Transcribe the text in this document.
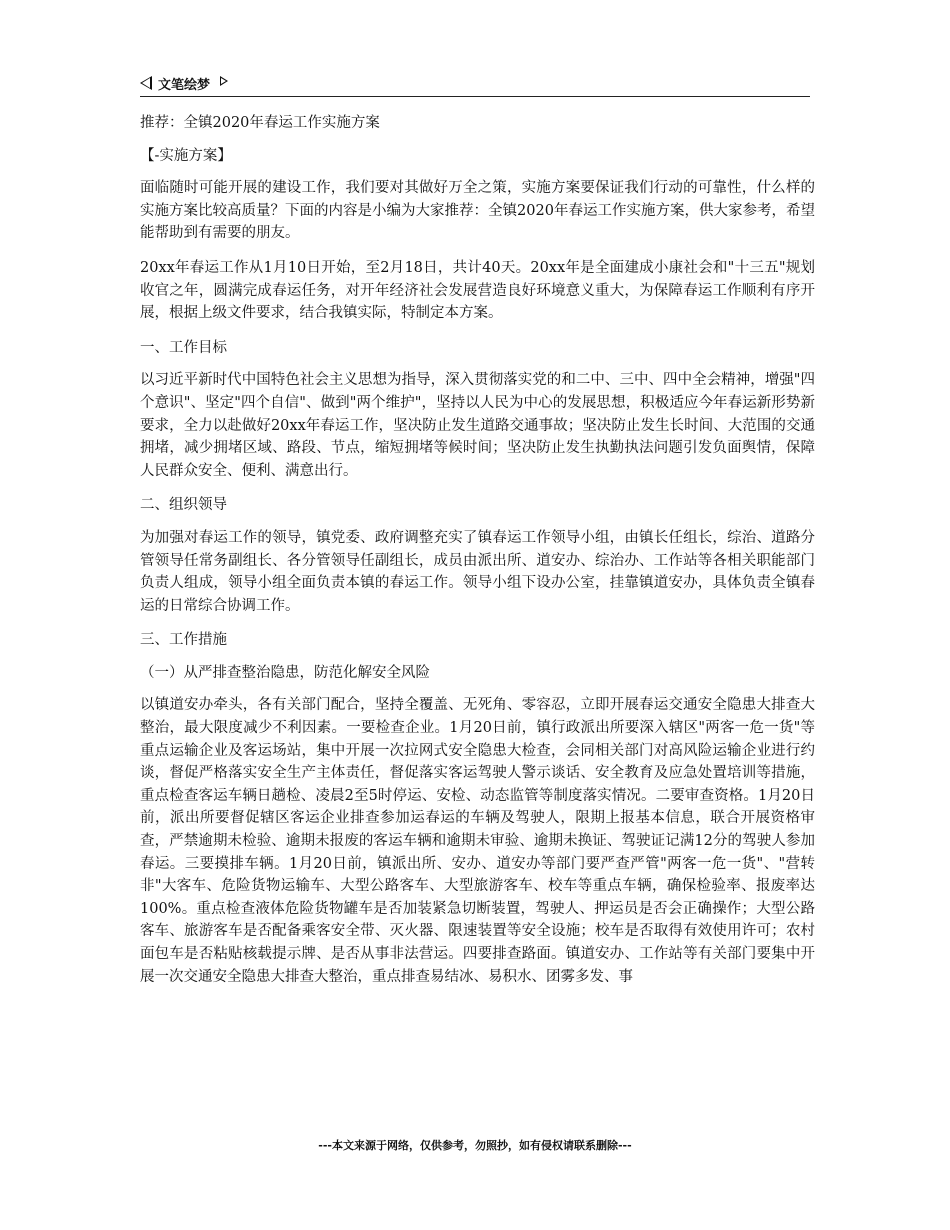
文笔绘梦

推荐：全镇2020年春运工作实施方案

【-实施方案】

面临随时可能开展的建设工作，我们要对其做好万全之策，实施方案要保证我们行动的可靠性，什么样的实施方案比较高质量？下面的内容是小编为大家推荐：全镇2020年春运工作实施方案，供大家参考，希望能帮助到有需要的朋友。

20xx年春运工作从1月10日开始，至2月18日，共计40天。20xx年是全面建成小康社会和"十三五"规划收官之年，圆满完成春运任务，对开年经济社会发展营造良好环境意义重大，为保障春运工作顺利有序开展，根据上级文件要求，结合我镇实际，特制定本方案。

一、工作目标

以习近平新时代中国特色社会主义思想为指导，深入贯彻落实党的和二中、三中、四中全会精神，增强"四个意识"、坚定"四个自信"、做到"两个维护"，坚持以人民为中心的发展思想，积极适应今年春运新形势新要求，全力以赴做好20xx年春运工作，坚决防止发生道路交通事故；坚决防止发生长时间、大范围的交通拥堵，减少拥堵区域、路段、节点，缩短拥堵等候时间；坚决防止发生执勤执法问题引发负面舆情，保障人民群众安全、便利、满意出行。

二、组织领导

为加强对春运工作的领导，镇党委、政府调整充实了镇春运工作领导小组，由镇长任组长，综治、道路分管领导任常务副组长、各分管领导任副组长，成员由派出所、道安办、综治办、工作站等各相关职能部门负责人组成，领导小组全面负责本镇的春运工作。领导小组下设办公室，挂靠镇道安办，具体负责全镇春运的日常综合协调工作。

三、工作措施

（一）从严排查整治隐患，防范化解安全风险

以镇道安办牵头，各有关部门配合，坚持全覆盖、无死角、零容忍，立即开展春运交通安全隐患大排查大整治，最大限度减少不利因素。一要检查企业。1月20日前，镇行政派出所要深入辖区"两客一危一货"等重点运输企业及客运场站，集中开展一次拉网式安全隐患大检查，会同相关部门对高风险运输企业进行约谈，督促严格落实安全生产主体责任，督促落实客运驾驶人警示谈话、安全教育及应急处置培训等措施，重点检查客运车辆日趟检、凌晨2至5时停运、安检、动态监管等制度落实情况。二要审查资格。1月20日前，派出所要督促辖区客运企业排查参加运春运的车辆及驾驶人，限期上报基本信息，联合开展资格审查，严禁逾期未检验、逾期未报废的客运车辆和逾期未审验、逾期未换证、驾驶证记满12分的驾驶人参加春运。三要摸排车辆。1月20日前，镇派出所、安办、道安办等部门要严查严管"两客一危一货"、"营转非"大客车、危险货物运输车、大型公路客车、大型旅游客车、校车等重点车辆，确保检验率、报废率达100%。重点检查液体危险货物罐车是否加装紧急切断装置，驾驶人、押运员是否会正确操作；大型公路客车、旅游客车是否配备乘客安全带、灭火器、限速装置等安全设施；校车是否取得有效使用许可；农村面包车是否粘贴核载提示牌、是否从事非法营运。四要排查路面。镇道安办、工作站等有关部门要集中开展一次交通安全隐患大排查大整治，重点排查易结冰、易积水、团雾多发、事

---本文来源于网络，仅供参考，勿照抄，如有侵权请联系删除---
